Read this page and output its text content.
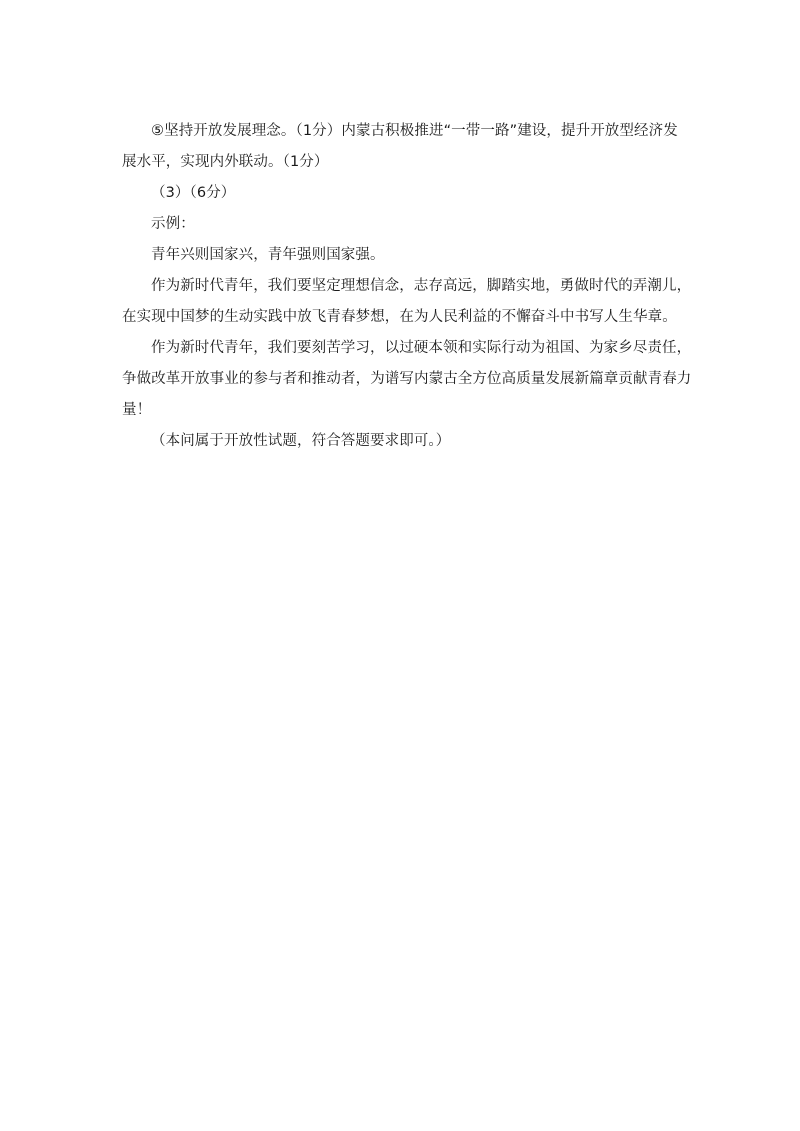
⑤坚持开放发展理念。（1分）内蒙古积极推进“一带一路”建设，提升开放型经济发
展水平，实现内外联动。（1分）

（3）（6分）

示例：

青年兴则国家兴，青年强则国家强。

作为新时代青年，我们要坚定理想信念，志存高远，脚踏实地，勇做时代的弄潮儿，
在实现中国梦的生动实践中放飞青春梦想，在为人民利益的不懈奋斗中书写人生华章。

作为新时代青年，我们要刻苦学习，以过硬本领和实际行动为祖国、为家乡尽责任，
争做改革开放事业的参与者和推动者，为谱写内蒙古全方位高质量发展新篇章贡献青春力
量！

（本问属于开放性试题，符合答题要求即可。）
